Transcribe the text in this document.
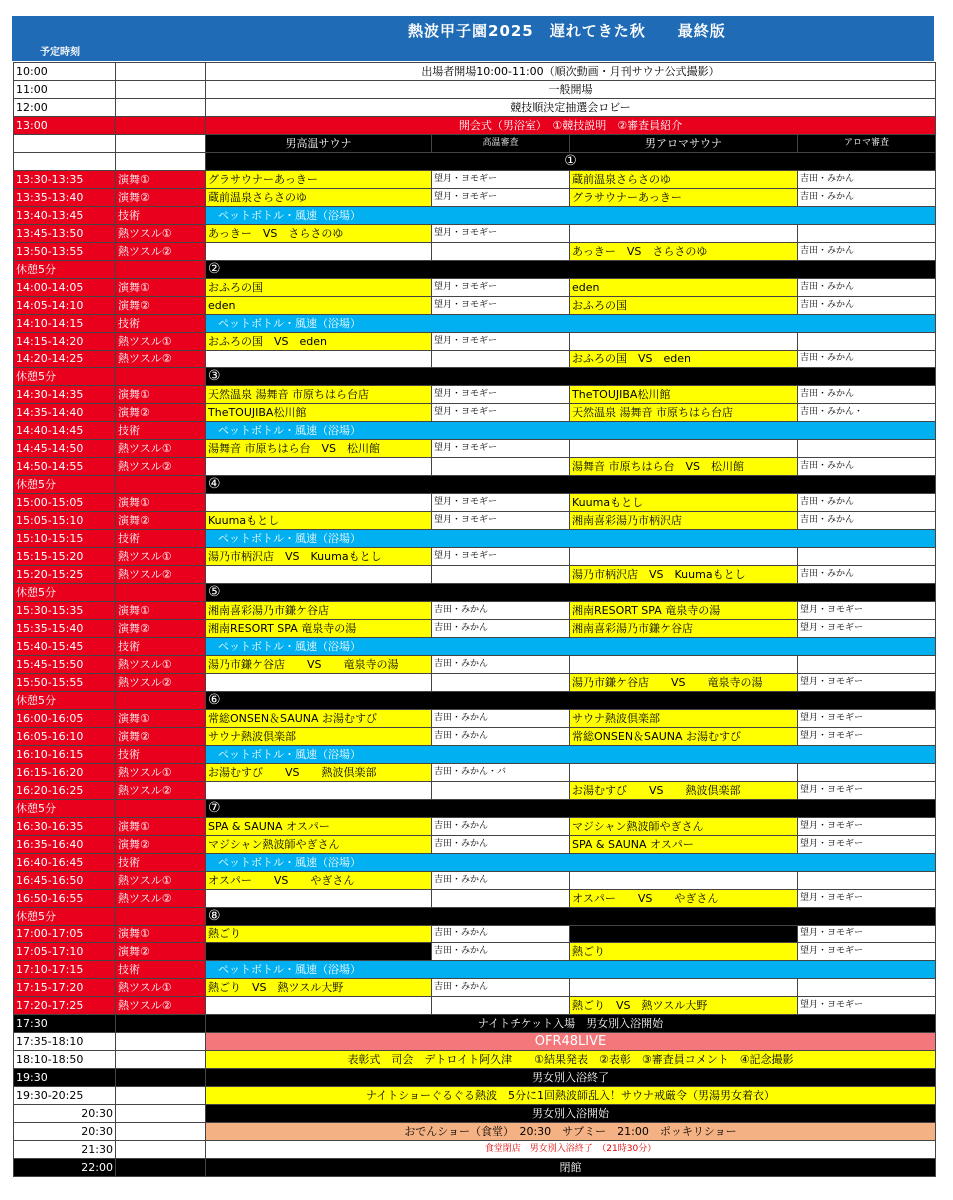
熱波甲子園2025　遅れてきた秋　　最終版
予定時刻
10:00		出場者開場10:00-11:00（順次動画・月刊サウナ公式撮影）			
11:00		一般開場			
12:00		競技順決定抽選会ロビー			
13:00		開会式（男浴室）　①競技説明　②審査員紹介			
		男高温サウナ	高温審査	男アロマサウナ	アロマ審査
		①			
13:30-13:35	演舞①	グラサウナーあっきー	望月・ヨモギー	蔵前温泉さらさのゆ	吉田・みかん
13:35-13:40	演舞②	蔵前温泉さらさのゆ	望月・ヨモギー	グラサウナーあっきー	吉田・みかん
13:40-13:45	技術	ペットボトル・風速（浴場）			
13:45-13:50	熱ツスル①	あっきー　VS　さらさのゆ	望月・ヨモギー		
13:50-13:55	熱ツスル②			あっきー　VS　さらさのゆ	吉田・みかん
休憩5分		②			
14:00-14:05	演舞①	おふろの国	望月・ヨモギー	eden	吉田・みかん
14:05-14:10	演舞②	eden	望月・ヨモギー	おふろの国	吉田・みかん
14:10-14:15	技術	ペットボトル・風速（浴場）			
14:15-14:20	熱ツスル①	おふろの国　VS　eden	望月・ヨモギー		
14:20-14:25	熱ツスル②			おふろの国　VS　eden	吉田・みかん
休憩5分		③			
14:30-14:35	演舞①	天然温泉 湯舞音 市原ちはら台店	望月・ヨモギー	TheTOUJIBA松川館	吉田・みかん
14:35-14:40	演舞②	TheTOUJIBA松川館	望月・ヨモギー	天然温泉 湯舞音 市原ちはら台店	吉田・みかん・
14:40-14:45	技術	ペットボトル・風速（浴場）			
14:45-14:50	熱ツスル①	湯舞音 市原ちはら台　VS　松川館	望月・ヨモギー		
14:50-14:55	熱ツスル②			湯舞音 市原ちはら台　VS　松川館	吉田・みかん
休憩5分		④			
15:00-15:05	演舞①		望月・ヨモギー	Kuumaもとし	吉田・みかん
15:05-15:10	演舞②	Kuumaもとし	望月・ヨモギー	湘南喜彩湯乃市柄沢店	吉田・みかん
15:10-15:15	技術	ペットボトル・風速（浴場）			
15:15-15:20	熱ツスル①	湯乃市柄沢店　VS　Kuumaもとし	望月・ヨモギー		
15:20-15:25	熱ツスル②			湯乃市柄沢店　VS　Kuumaもとし	吉田・みかん
休憩5分		⑤			
15:30-15:35	演舞①	湘南喜彩湯乃市鎌ケ谷店	吉田・みかん	湘南RESORT SPA 竜泉寺の湯	望月・ヨモギー
15:35-15:40	演舞②	湘南RESORT SPA 竜泉寺の湯	吉田・みかん	湘南喜彩湯乃市鎌ケ谷店	望月・ヨモギー
15:40-15:45	技術	ペットボトル・風速（浴場）			
15:45-15:50	熱ツスル①	湯乃市鎌ケ谷店　　VS　　竜泉寺の湯	吉田・みかん		
15:50-15:55	熱ツスル②			湯乃市鎌ケ谷店　　VS　　竜泉寺の湯	望月・ヨモギー
休憩5分		⑥			
16:00-16:05	演舞①	常総ONSEN＆SAUNA お湯むすび	吉田・みかん	サウナ熱波倶楽部	望月・ヨモギー
16:05-16:10	演舞②	サウナ熱波倶楽部	吉田・みかん	常総ONSEN＆SAUNA お湯むすび	望月・ヨモギー
16:10-16:15	技術	ペットボトル・風速（浴場）			
16:15-16:20	熱ツスル①	お湯むすび　　VS　　熱波倶楽部	吉田・みかん・バ		
16:20-16:25	熱ツスル②			お湯むすび　　VS　　熱波倶楽部	望月・ヨモギー
休憩5分		⑦			
16:30-16:35	演舞①	SPA & SAUNA オスパー	吉田・みかん	マジシャン熱波師やぎさん	望月・ヨモギー
16:35-16:40	演舞②	マジシャン熱波師やぎさん	吉田・みかん	SPA & SAUNA オスパー	望月・ヨモギー
16:40-16:45	技術	ペットボトル・風速（浴場）			
16:45-16:50	熱ツスル①	オスパー　　VS　　やぎさん	吉田・みかん		
16:50-16:55	熱ツスル②			オスパー　　VS　　やぎさん	望月・ヨモギー
休憩5分		⑧			
17:00-17:05	演舞①	熱ごり	吉田・みかん		望月・ヨモギー
17:05-17:10	演舞②		吉田・みかん	熱ごり	望月・ヨモギー
17:10-17:15	技術	ペットボトル・風速（浴場）			
17:15-17:20	熱ツスル①	熱ごり　VS　熱ツスル大野	吉田・みかん		
17:20-17:25	熱ツスル②			熱ごり　VS　熱ツスル大野	望月・ヨモギー
17:30		ナイトチケット入場　男女別入浴開始			
17:35-18:10		OFR48LIVE			
18:10-18:50		表彰式　司会　デトロイト阿久津　　①結果発表　②表彰　③審査員コメント　④記念撮影			
19:30		男女別入浴終了			
19:30-20:25		ナイトショーぐるぐる熱波　5分に1回熱波師乱入！サウナ戒厳令（男湯男女着衣）			
20:30		男女別入浴開始			
20:30		おでんショー（食堂）　20:30　サブミー　21:00　ポッキリショー			
21:30		食堂閉店　男女別入浴終了　（21時30分）			
22:00		閉館			
